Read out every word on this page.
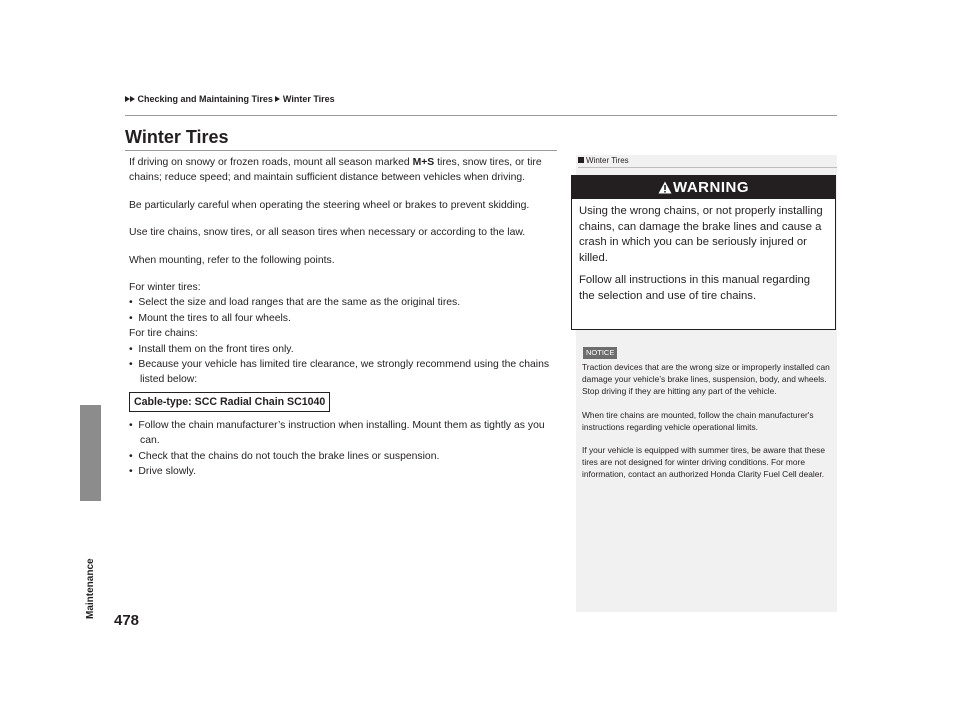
Checking and Maintaining Tires Winter Tires
Maintenance
478
Winter Tires

If driving on snowy or frozen roads, mount all season marked M+S tires, snow tires, or tire chains; reduce speed; and maintain sufficient distance between vehicles when driving.

Be particularly careful when operating the steering wheel or brakes to prevent skidding.

Use tire chains, snow tires, or all season tires when necessary or according to the law.

When mounting, refer to the following points.

For winter tires:

• Select the size and load ranges that are the same as the original tires.

• Mount the tires to all four wheels.

For tire chains:

• Install them on the front tires only.

• Because your vehicle has limited tire clearance, we strongly recommend using the chains listed below:

Cable-type: SCC Radial Chain SC1040

• Follow the chain manufacturer’s instruction when installing. Mount them as tightly as you can.

• Check that the chains do not touch the brake lines or suspension.

• Drive slowly.

Winter Tires
WARNING

Using the wrong chains, or not properly installing chains, can damage the brake lines and cause a crash in which you can be seriously injured or killed.

Follow all instructions in this manual regarding the selection and use of tire chains.

NOTICE

Traction devices that are the wrong size or improperly installed can damage your vehicle’s brake lines, suspension, body, and wheels. Stop driving if they are hitting any part of the vehicle.

When tire chains are mounted, follow the chain manufacturer's instructions regarding vehicle operational limits.

If your vehicle is equipped with summer tires, be aware that these tires are not designed for winter driving conditions. For more information, contact an authorized Honda Clarity Fuel Cell dealer.
